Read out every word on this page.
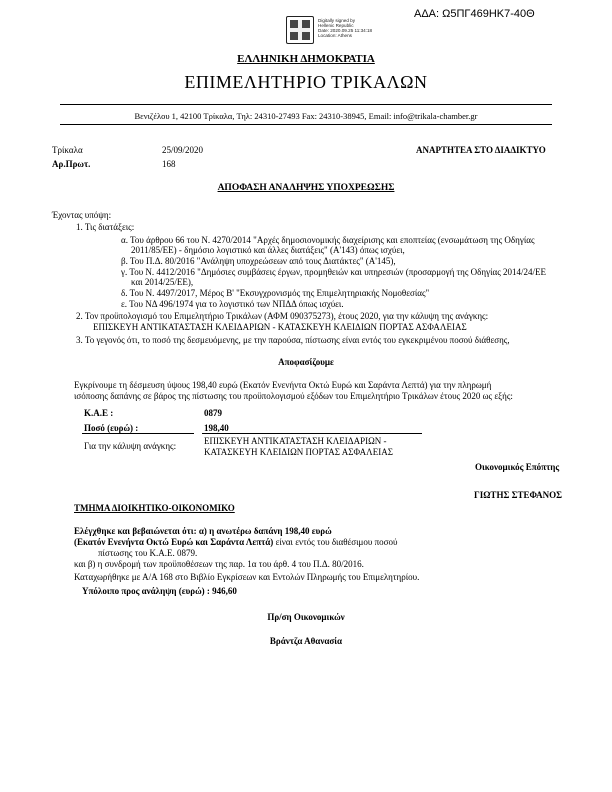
ΑΔΑ: Ω5ΠΓ469ΗΚ7-40Θ
Digitally signed by
Hellenic Republic
Date: 2020.09.25 11:34:18
Location: Athens
ΕΛΛΗΝΙΚΗ ΔΗΜΟΚΡΑΤΙΑ
ΕΠΙΜΕΛΗΤΗΡΙΟ ΤΡΙΚΑΛΩΝ
Βενιζέλου 1, 42100 Τρίκαλα, Τηλ: 24310-27493 Fax: 24310-38945, Email: info@trikala-chamber.gr
Τρίκαλα	25/09/2020	ΑΝΑΡΤΗΤΕΑ ΣΤΟ ΔΙΑΔΙΚΤΥΟ
Αρ.Πρωτ.	168
ΑΠΟΦΑΣΗ ΑΝΑΛΗΨΗΣ ΥΠΟΧΡΕΩΣΗΣ
Έχοντας υπόψη:
1. Τις διατάξεις:
α. Του άρθρου 66 του Ν. 4270/2014 "Αρχές δημοσιονομικής διαχείρισης και εποπτείας (ενσωμάτωση της Οδηγίας
2011/85/ΕΕ) - δημόσιο λογιστικό και άλλες διατάξεις" (Α'143) όπως ισχύει,
β. Του Π.Δ. 80/2016 "Ανάληψη υποχρεώσεων από τους Διατάκτες" (Α'145),
γ. Του Ν. 4412/2016 "Δημόσιες συμβάσεις έργων, προμηθειών και υπηρεσιών (προσαρμογή της Οδηγίας 2014/24/ΕΕ
και 2014/25/ΕΕ),
δ. Του Ν. 4497/2017, Μέρος Β' "Εκσυγχρονισμός της Επιμελητηριακής Νομοθεσίας"
ε. Του ΝΔ 496/1974 για το λογιστικό των ΝΠΔΔ όπως ισχύει.
2. Τον προϋπολογισμό του Επιμελητήριο Τρικάλων (ΑΦΜ 090375273), έτους 2020, για την κάλυψη της ανάγκης:
ΕΠΙΣΚΕΥΗ ΑΝΤΙΚΑΤΑΣΤΑΣΗ ΚΛΕΙΔΑΡΙΩΝ - ΚΑΤΑΣΚΕΥΗ ΚΛΕΙΔΙΩΝ ΠΟΡΤΑΣ ΑΣΦΑΛΕΙΑΣ
3. Το γεγονός ότι, το ποσό της δεσμευόμενης, με την παρούσα, πίστωσης είναι εντός του εγκεκριμένου ποσού διάθεσης,
Αποφασίζουμε
Εγκρίνουμε τη δέσμευση ύψους 198,40 ευρώ (Εκατόν Ενενήντα Οκτώ Ευρώ και Σαράντα Λεπτά) για την πληρωμή
ισόποσης δαπάνης σε βάρος της πίστωσης του προϋπολογισμού εξόδων του Επιμελητήριο Τρικάλων έτους 2020 ως εξής:
Κ.Α.Ε :	0879
Ποσό (ευρώ) :	198,40
Για την κάλυψη ανάγκης:	ΕΠΙΣΚΕΥΗ ΑΝΤΙΚΑΤΑΣΤΑΣΗ ΚΛΕΙΔΑΡΙΩΝ -
ΚΑΤΑΣΚΕΥΗ ΚΛΕΙΔΙΩΝ ΠΟΡΤΑΣ ΑΣΦΑΛΕΙΑΣ
Οικονομικός Επόπτης
ΓΙΩΤΗΣ ΣΤΕΦΑΝΟΣ
ΤΜΗΜΑ ΔΙΟΙΚΗΤΙΚΟ-ΟΙΚΟΝΟΜΙΚΟ
Ελέγχθηκε και βεβαιώνεται ότι: α) η ανωτέρω δαπάνη 198,40 ευρώ
(Εκατόν Ενενήντα Οκτώ Ευρώ και Σαράντα Λεπτά) είναι εντός του διαθέσιμου ποσού
πίστωσης του Κ.Α.Ε. 0879.
και β) η συνδρομή των προϋποθέσεων της παρ. 1α του άρθ. 4 του Π.Δ. 80/2016.
Καταχωρήθηκε με Α/Α 168 στο Βιβλίο Εγκρίσεων και Εντολών Πληρωμής του Επιμελητηρίου.
Υπόλοιπο προς ανάληψη (ευρώ) : 946,60
Πρ/ση Οικονομικών
Βράντζα Αθανασία
